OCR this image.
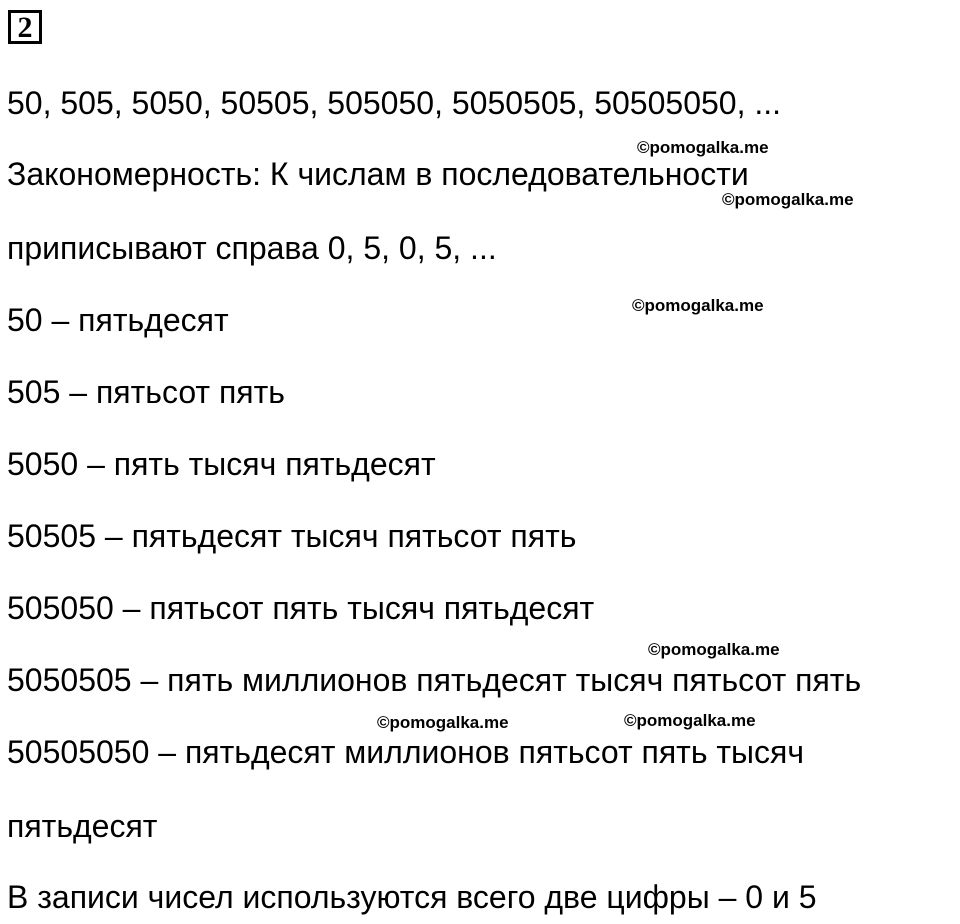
2
50, 505, 5050, 50505, 505050, 5050505, 50505050, ...
Закономерность: К числам в последовательности
приписывают справа 0, 5, 0, 5, ...
50 – пятьдесят
505 – пятьсот пять
5050 – пять тысяч пятьдесят
50505 – пятьдесят тысяч пятьсот пять
505050 – пятьсот пять тысяч пятьдесят
5050505 – пять миллионов пятьдесят тысяч пятьсот пять
50505050 – пятьдесят миллионов пятьсот пять тысяч
пятьдесят
В записи чисел используются всего две цифры – 0 и 5
©pomogalka.me
©pomogalka.me
©pomogalka.me
©pomogalka.me
©pomogalka.me	©pomogalka.me
